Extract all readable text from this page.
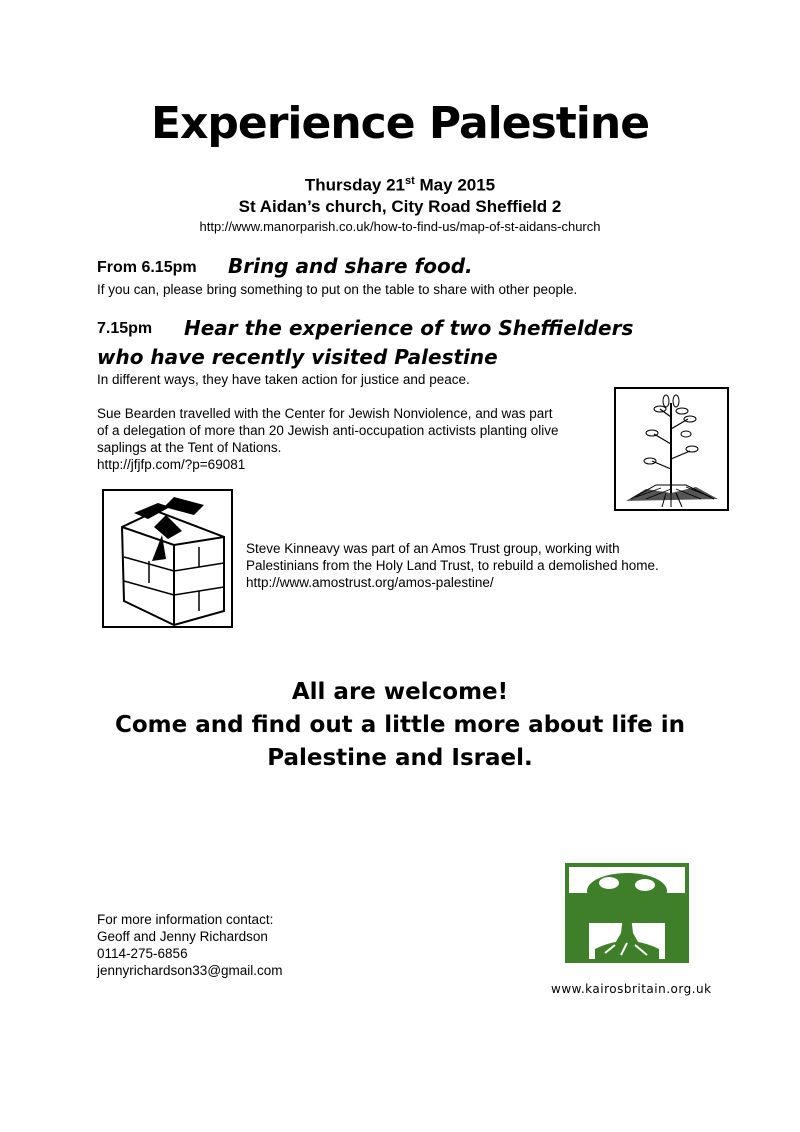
Experience Palestine
Thursday 21st May 2015
St Aidan’s church, City Road Sheffield 2
http://www.manorparish.co.uk/how-to-find-us/map-of-st-aidans-church
From 6.15pm Bring and share food.
If you can, please bring something to put on the table to share with other people.
7.15pm Hear the experience of two Sheffielders
who have recently visited Palestine
In different ways, they have taken action for justice and peace.
Sue Bearden travelled with the Center for Jewish Nonviolence, and was part
of a delegation of more than 20 Jewish anti-occupation activists planting olive
saplings at the Tent of Nations.
http://jfjfp.com/?p=69081
Steve Kinneavy was part of an Amos Trust group, working with
Palestinians from the Holy Land Trust, to rebuild a demolished home.
http://www.amostrust.org/amos-palestine/
All are welcome!
Come and find out a little more about life in
Palestine and Israel.
For more information contact:
Geoff and Jenny Richardson
0114-275-6856
jennyrichardson33@gmail.com
www.kairosbritain.org.uk
